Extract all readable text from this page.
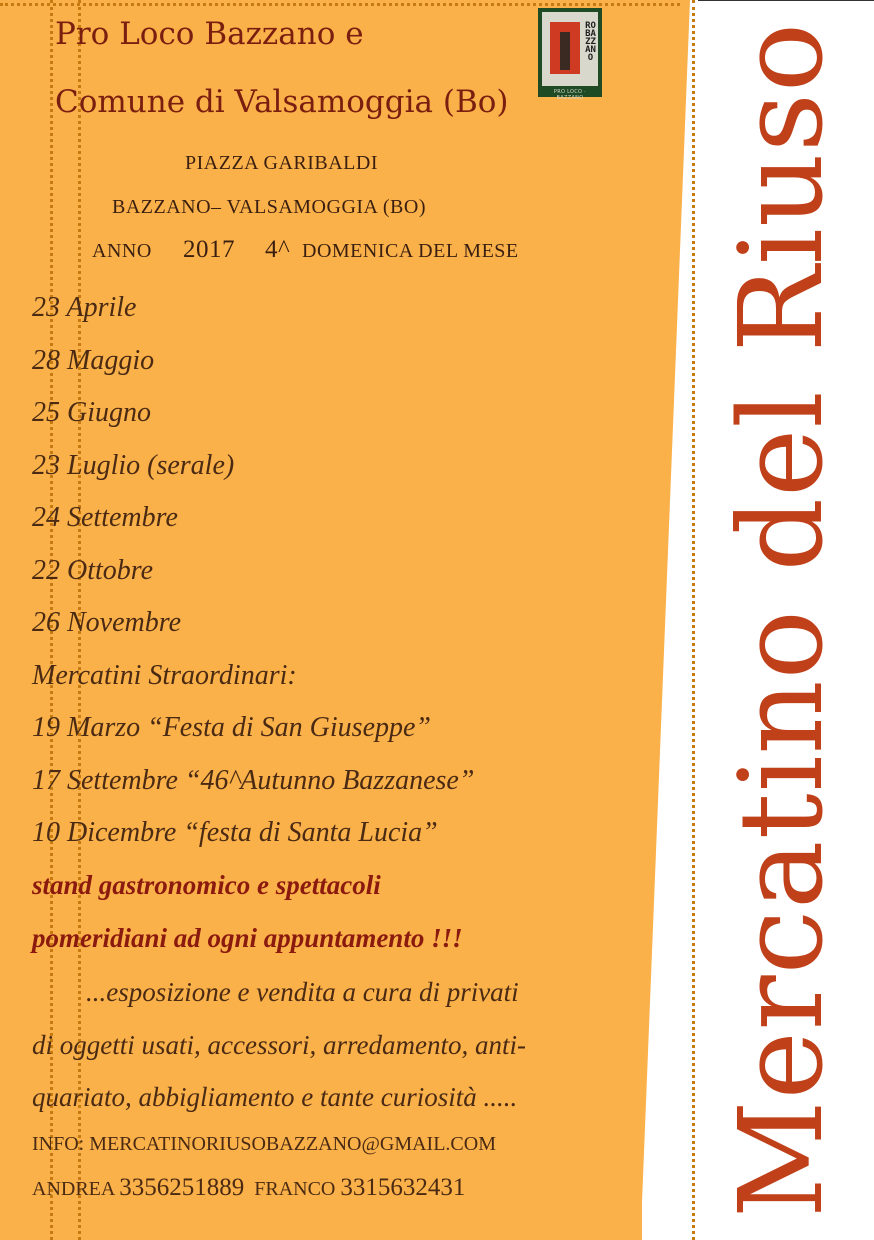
Pro Loco Bazzano e
Comune di Valsamoggia (Bo)
RO BAZZANO
PRO LOCO · BAZZANO
PIAZZA GARIBALDI
BAZZANO– VALSAMOGGIA (BO)
ANNO 2017 4^ DOMENICA DEL MESE
23 Aprile
28 Maggio
25 Giugno
23 Luglio (serale)
24 Settembre
22 Ottobre
26 Novembre
Mercatini Straordinari:
19 Marzo “Festa di San Giuseppe”
17 Settembre “46^Autunno Bazzanese”
10 Dicembre “festa di Santa Lucia”
stand gastronomico e spettacoli
pomeridiani ad ogni appuntamento !!!
...esposizione e vendita a cura di privati
di oggetti usati, accessori, arredamento, anti-
quariato, abbigliamento e tante curiosità .....
INFO: MERCATINORIUSOBAZZANO@GMAIL.COM
ANDREA 3356251889 FRANCO 3315632431 Mercatino del Riuso
